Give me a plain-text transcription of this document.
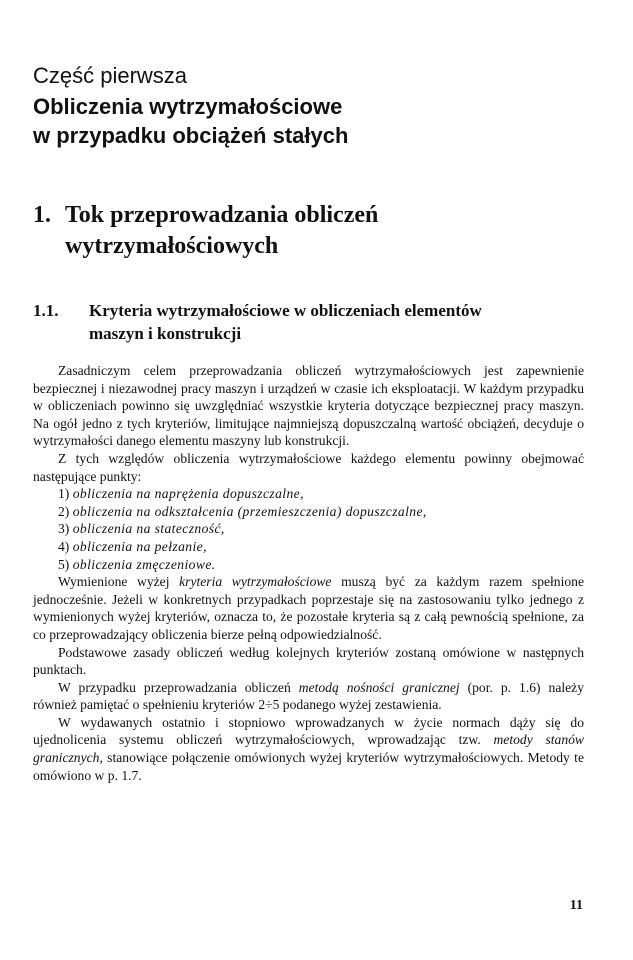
Część pierwsza
Obliczenia wytrzymałościowe
w przypadku obciążeń stałych
1. Tok przeprowadzania obliczeń
wytrzymałościowych
1.1. Kryteria wytrzymałościowe w obliczeniach elementów
maszyn i konstrukcji

Zasadniczym celem przeprowadzania obliczeń wytrzymałościowych jest zapewnienie bezpiecznej i niezawodnej pracy maszyn i urządzeń w czasie ich eksploatacji. W każdym przypadku w obliczeniach powinno się uwzględniać wszystkie kryteria dotyczące bezpiecznej pracy maszyn. Na ogół jedno z tych kryteriów, limitujące najmniejszą dopuszczalną wartość obciążeń, decyduje o wytrzymałości danego elementu maszyny lub konstrukcji.

Z tych względów obliczenia wytrzymałościowe każdego elementu powinny obejmować następujące punkty:

1) obliczenia na naprężenia dopuszczalne,
2) obliczenia na odkształcenia (przemieszczenia) dopuszczalne,
3) obliczenia na stateczność,
4) obliczenia na pełzanie,
5) obliczenia zmęczeniowe.

Wymienione wyżej kryteria wytrzymałościowe muszą być za każdym razem spełnione jednocześnie. Jeżeli w konkretnych przypadkach poprzestaje się na zastosowaniu tylko jednego z wymienionych wyżej kryteriów, oznacza to, że pozostałe kryteria są z całą pewnością spełnione, za co przeprowadzający obliczenia bierze pełną odpowiedzialność.

Podstawowe zasady obliczeń według kolejnych kryteriów zostaną omówione w następnych punktach.

W przypadku przeprowadzania obliczeń metodą nośności granicznej (por. p. 1.6) należy również pamiętać o spełnieniu kryteriów 2÷5 podanego wyżej zestawienia.

W wydawanych ostatnio i stopniowo wprowadzanych w życie normach dąży się do ujednolicenia systemu obliczeń wytrzymałościowych, wprowadzając tzw. metody stanów granicznych, stanowiące połączenie omówionych wyżej kryteriów wytrzymałościowych. Metody te omówiono w p. 1.7.

11
